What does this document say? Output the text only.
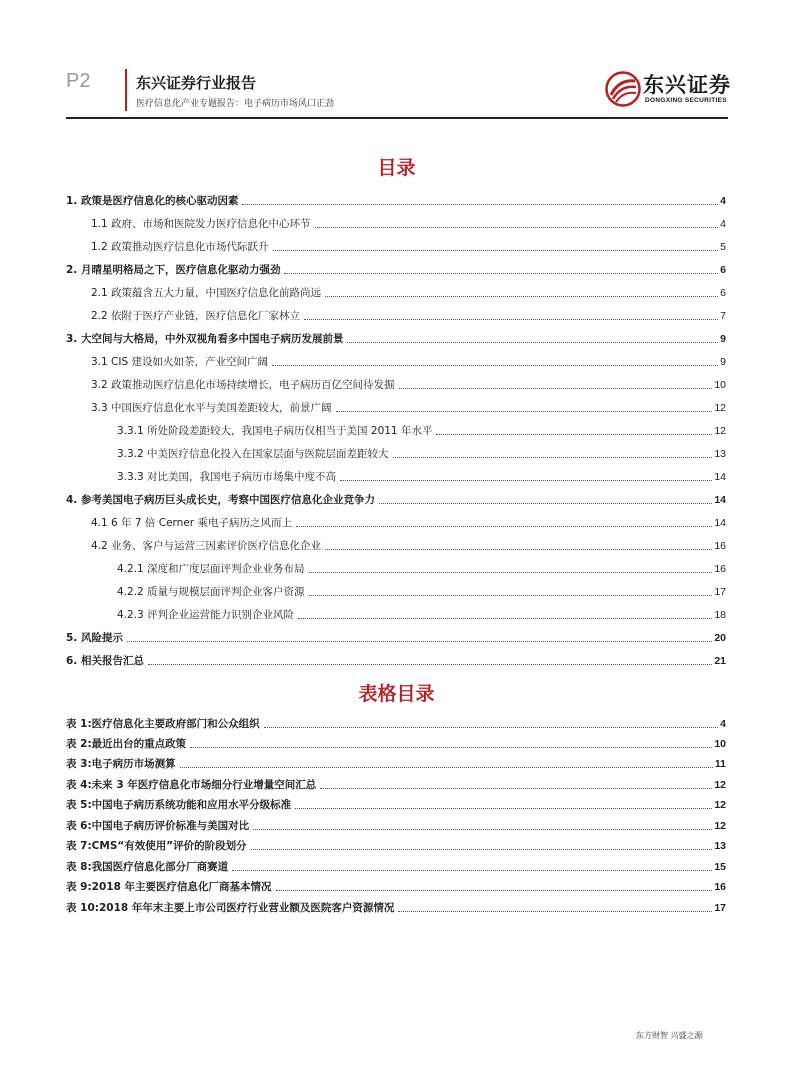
P2	东兴证券行业报告
医疗信息化产业专题报告：电子病历市场风口正劲
东兴证券
DONGXING SECURITIES
目录
1. 政策是医疗信息化的核心驱动因素	4
1.1 政府、市场和医院发力医疗信息化中心环节	4
1.2 政策推动医疗信息化市场代际跃升	5
2. 月晴星明格局之下，医疗信息化驱动力强劲	6
2.1 政策蕴含五大力量，中国医疗信息化前路尚远	6
2.2 依附于医疗产业链，医疗信息化厂家林立	7
3. 大空间与大格局，中外双视角看多中国电子病历发展前景	9
3.1 CIS 建设如火如荼，产业空间广阔	9
3.2 政策推动医疗信息化市场持续增长，电子病历百亿空间待发掘	10
3.3 中国医疗信息化水平与美国差距较大，前景广阔	12
3.3.1 所处阶段差距较大，我国电子病历仅相当于美国 2011 年水平	12
3.3.2 中美医疗信息化投入在国家层面与医院层面差距较大	13
3.3.3 对比美国，我国电子病历市场集中度不高	14
4. 参考美国电子病历巨头成长史，考察中国医疗信息化企业竞争力	14
4.1 6 年 7 倍 Cerner 乘电子病历之风而上	14
4.2 业务、客户与运营三因素评价医疗信息化企业	16
4.2.1 深度和广度层面评判企业业务布局	16
4.2.2 质量与规模层面评判企业客户资源	17
4.2.3 评判企业运营能力识别企业风险	18
5. 风险提示	20
6. 相关报告汇总	21
表格目录
表 1:医疗信息化主要政府部门和公众组织	4
表 2:最近出台的重点政策	10
表 3:电子病历市场测算	11
表 4:未来 3 年医疗信息化市场细分行业增量空间汇总	12
表 5:中国电子病历系统功能和应用水平分级标准	12
表 6:中国电子病历评价标准与美国对比	12
表 7:CMS“有效使用”评价的阶段划分	13
表 8:我国医疗信息化部分厂商赛道	15
表 9:2018 年主要医疗信息化厂商基本情况	16
表 10:2018 年年末主要上市公司医疗行业营业额及医院客户资源情况	17
东方财智 兴盛之源
